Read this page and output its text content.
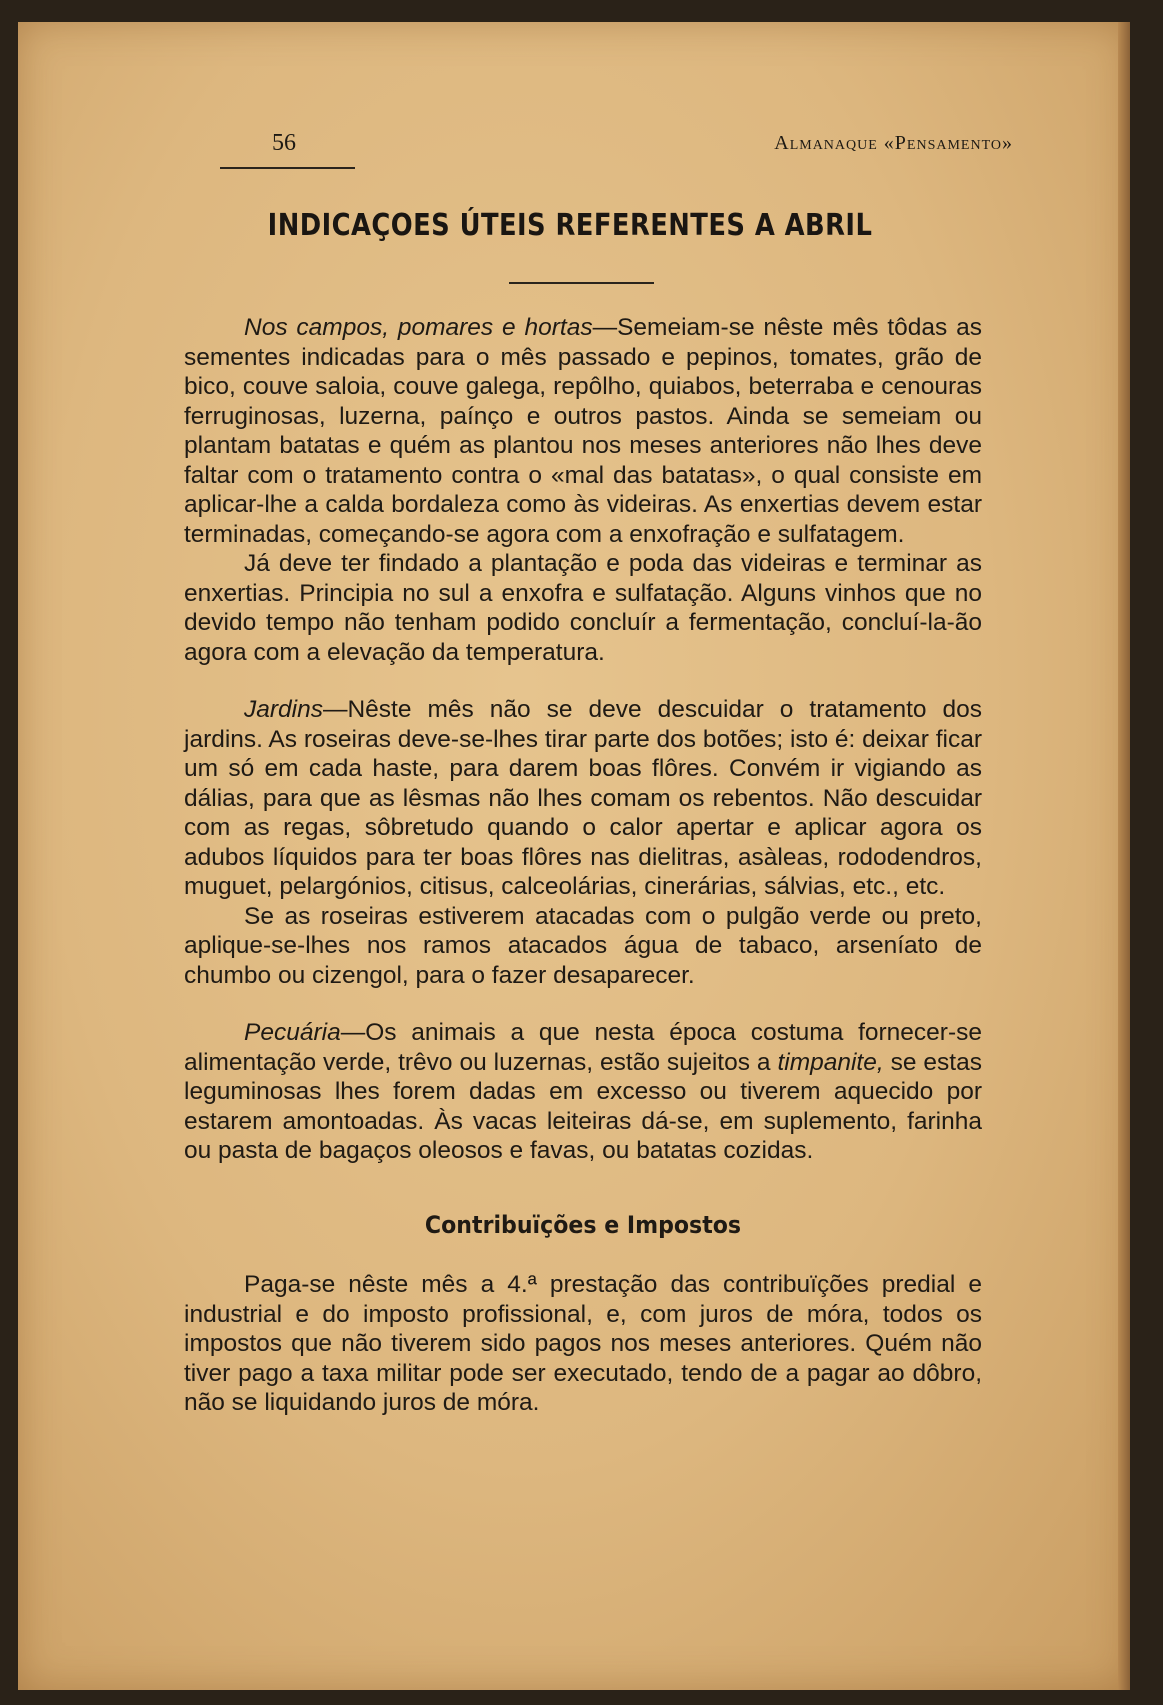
56	Almanaque «Pensamento»
INDICAÇOES ÚTEIS REFERENTES A ABRIL

Nos campos, pomares e hortas—Semeiam-se nêste mês tôdas as sementes indicadas para o mês passado e pepinos, tomates, grão de bico, couve saloia, couve galega, repôlho, quiabos, beterraba e cenouras ferruginosas, luzerna, paínço e outros pastos. Ainda se semeiam ou plantam batatas e quém as plantou nos meses anteriores não lhes deve faltar com o tratamento contra o «mal das batatas», o qual consiste em aplicar-lhe a calda bordaleza como às videiras. As enxertias devem estar terminadas, começando-se agora com a enxofração e sulfatagem.

Já deve ter findado a plantação e poda das videiras e terminar as enxertias. Principia no sul a enxofra e sulfatação. Alguns vinhos que no devido tempo não tenham podido concluír a fermentação, concluí-la-ão agora com a elevação da temperatura.

Jardins—Nêste mês não se deve descuidar o tratamento dos jardins. As roseiras deve-se-lhes tirar parte dos botões; isto é: deixar ficar um só em cada haste, para darem boas flôres. Convém ir vigiando as dálias, para que as lêsmas não lhes comam os rebentos. Não descuidar com as regas, sôbretudo quando o calor apertar e aplicar agora os adubos líquidos para ter boas flôres nas dielitras, asàleas, rododendros, muguet, pelargónios, citisus, calceolárias, cinerárias, sálvias, etc., etc.

Se as roseiras estiverem atacadas com o pulgão verde ou preto, aplique-se-lhes nos ramos atacados água de tabaco, arseníato de chumbo ou cizengol, para o fazer desaparecer.

Pecuária—Os animais a que nesta época costuma fornecer-se alimentação verde, trêvo ou luzernas, estão sujeitos a timpanite, se estas leguminosas lhes forem dadas em excesso ou tiverem aquecido por estarem amontoadas. Às vacas leiteiras dá-se, em suplemento, farinha ou pasta de bagaços oleosos e favas, ou batatas cozidas.

Contribuïções e Impostos

Paga-se nêste mês a 4.ª prestação das contribuïções predial e industrial e do imposto profissional, e, com juros de móra, todos os impostos que não tiverem sido pagos nos meses anteriores. Quém não tiver pago a taxa militar pode ser executado, tendo de a pagar ao dôbro, não se liquidando juros de móra.
